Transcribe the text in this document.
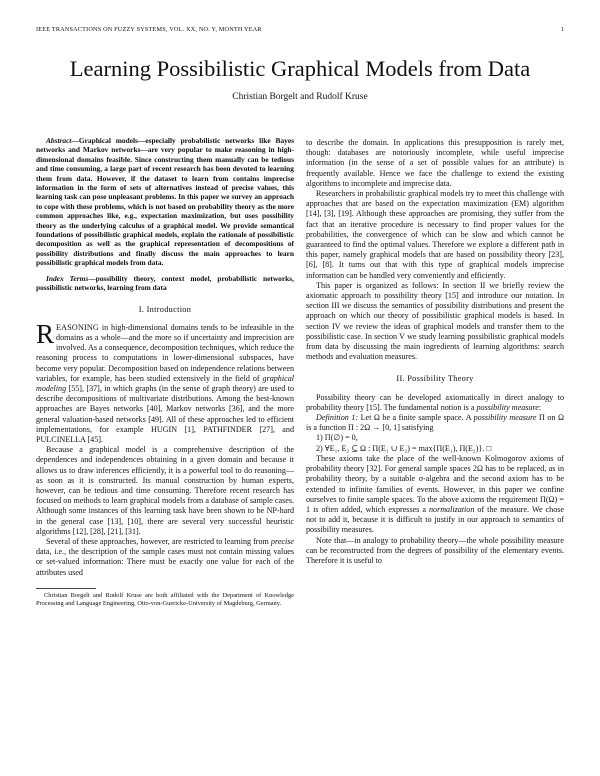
IEEE TRANSACTIONS ON FUZZY SYSTEMS, VOL. XX, NO. Y, MONTH YEAR	1
Learning Possibilistic Graphical Models from Data
Christian Borgelt and Rudolf Kruse

Abstract—Graphical models—especially probabilistic networks like Bayes networks and Markov networks—are very popular to make reasoning in high-dimensional domains feasible. Since constructing them manually can be tedious and time consuming, a large part of recent research has been devoted to learning them from data. However, if the dataset to learn from contains imprecise information in the form of sets of alternatives instead of precise values, this learning task can pose unpleasant problems. In this paper we survey an approach to cope with these problems, which is not based on probability theory as the more common approaches like, e.g., expectation maximization, but uses possibility theory as the underlying calculus of a graphical model. We provide semantical foundations of possibilistic graphical models, explain the rationale of possibilistic decomposition as well as the graphical representation of decompositions of possibility distributions and finally discuss the main approaches to learn possibilistic graphical models from data.

Index Terms—possibility theory, context model, probabilistic networks, possibilistic networks, learning from data

I. Introduction

REASONING in high-dimensional domains tends to be infeasible in the domains as a whole—and the more so if uncertainty and imprecision are involved. As a consequence, decomposition techniques, which reduce the reasoning process to computations in lower-dimensional subspaces, have become very popular. Decomposition based on independence relations between variables, for example, has been studied extensively in the field of graphical modeling [55], [37], in which graphs (in the sense of graph theory) are used to describe decompositions of multivariate distributions. Among the best-known approaches are Bayes networks [40], Markov networks [36], and the more general valuation-based networks [49]. All of these approaches led to efficient implementations, for example HUGIN [1], PATHFINDER [27], and PULCINELLA [45].

Because a graphical model is a comprehensive description of the dependences and independences obtaining in a given domain and because it allows us to draw inferences efficiently, it is a powerful tool to do reasoning—as soon as it is constructed. Its manual construction by human experts, however, can be tedious and time consuming. Therefore recent research has focused on methods to learn graphical models from a database of sample cases. Although some instances of this learning task have been shown to be NP-hard in the general case [13], [10], there are several very successful heuristic algorithms [12], [28], [21], [31].

Several of these approaches, however, are restricted to learning from precise data, i.e., the description of the sample cases must not contain missing values or set-valued information: There must be exactly one value for each of the attributes used

Christian Borgelt and Rudolf Kruse are both affiliated with the Department of Knowledge Processing and Language Engineering, Otto-von-Guericke-University of Magdeburg, Germany.

to describe the domain. In applications this presupposition is rarely met, though: databases are notoriously incomplete, while useful imprecise information (in the sense of a set of possible values for an attribute) is frequently available. Hence we face the challenge to extend the existing algorithms to incomplete and imprecise data.

Researchers in probabilistic graphical models try to meet this challenge with approaches that are based on the expectation maximization (EM) algorithm [14], [3], [19]. Although these approaches are promising, they suffer from the fact that an iterative procedure is necessary to find proper values for the probabilities, the convergence of which can be slow and which cannot be guaranteed to find the optimal values. Therefore we explore a different path in this paper, namely graphical models that are based on possibility theory [23], [6], [8]. It turns out that with this type of graphical models imprecise information can be handled very conveniently and efficiently.

This paper is organized as follows: In section II we briefly review the axiomatic approach to possibility theory [15] and introduce our notation. In section III we discuss the semantics of possibility distributions and present the approach on which our theory of possibilistic graphical models is based. In section IV we review the ideas of graphical models and transfer them to the possibilistic case. In section V we study learning possibilistic graphical models from data by discussing the main ingredients of learning algorithms: search methods and evaluation measures.

II. Possibility Theory

Possibility theory can be developed axiomatically in direct analogy to probability theory [15]. The fundamental notion is a possibility measure:

Definition 1: Let Ω be a finite sample space. A possibility measure Π on Ω is a function Π : 2Ω → [0, 1] satisfying

1) Π(∅) = 0,
2) ∀E₁, E₂ ⊆ Ω : Π(E₁ ∪ E₂) = max{Π(E₁), Π(E₂)}. □

These axioms take the place of the well-known Kolmogorov axioms of probability theory [32]. For general sample spaces 2Ω has to be replaced, as in probability theory, by a suitable σ-algebra and the second axiom has to be extended to infinite families of events. However, in this paper we confine ourselves to finite sample spaces. To the above axioms the requirement Π(Ω) = 1 is often added, which expresses a normalization of the measure. We chose not to add it, because it is difficult to justify in our approach to semantics of possibility measures.

Note that—in analogy to probability theory—the whole possibility measure can be reconstructed from the degrees of possibility of the elementary events. Therefore it is useful to
